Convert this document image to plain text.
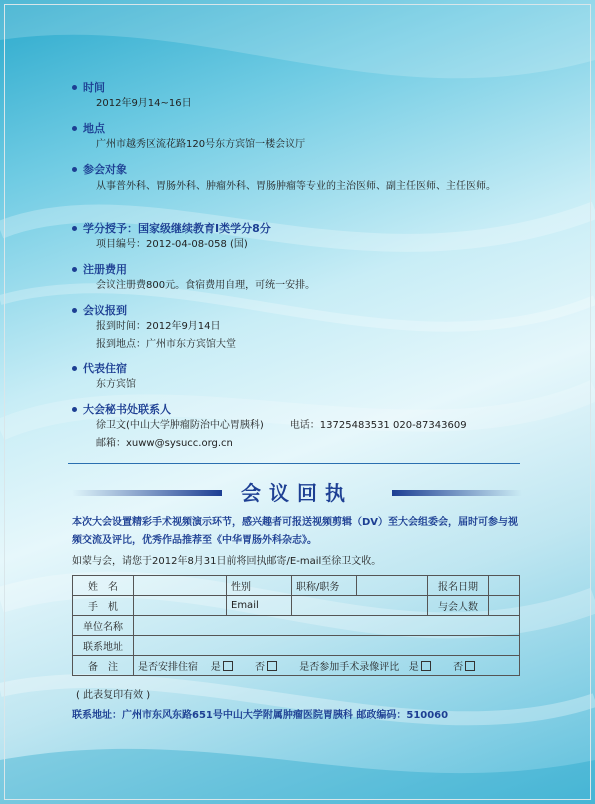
时间
2012年9月14~16日
地点
广州市越秀区流花路120号东方宾馆一楼会议厅
参会对象
从事普外科、胃肠外科、肿瘤外科、胃肠肿瘤等专业的主治医师、副主任医师、主任医师。
学分授予：国家级继续教育I类学分8分
项目编号：2012-04-08-058 (国)
注册费用
会议注册费800元。食宿费用自理，可统一安排。
会议报到
报到时间：2012年9月14日
报到地点：广州市东方宾馆大堂
代表住宿
东方宾馆
大会秘书处联系人
徐卫文(中山大学肿瘤防治中心胃胰科)	电话：13725483531 020-87343609
邮箱：xuww@sysucc.org.cn
会议回执
本次大会设置精彩手术视频演示环节，感兴趣者可报送视频剪辑（DV）至大会组委会，届时可参与视频交流及评比，优秀作品推荐至《中华胃肠外科杂志》。
如蒙与会，请您于2012年8月31日前将回执邮寄/E-mail至徐卫文收。
姓　名		性别	职称/职务		报名日期	
手　机		Email			与会人数	
单位名称						
联系地址						
备　注	是否安排住宿 是 否 是否参加手术录像评比 是 否					
( 此表复印有效 )
联系地址：广州市东风东路651号中山大学附属肿瘤医院胃胰科 邮政编码：510060
